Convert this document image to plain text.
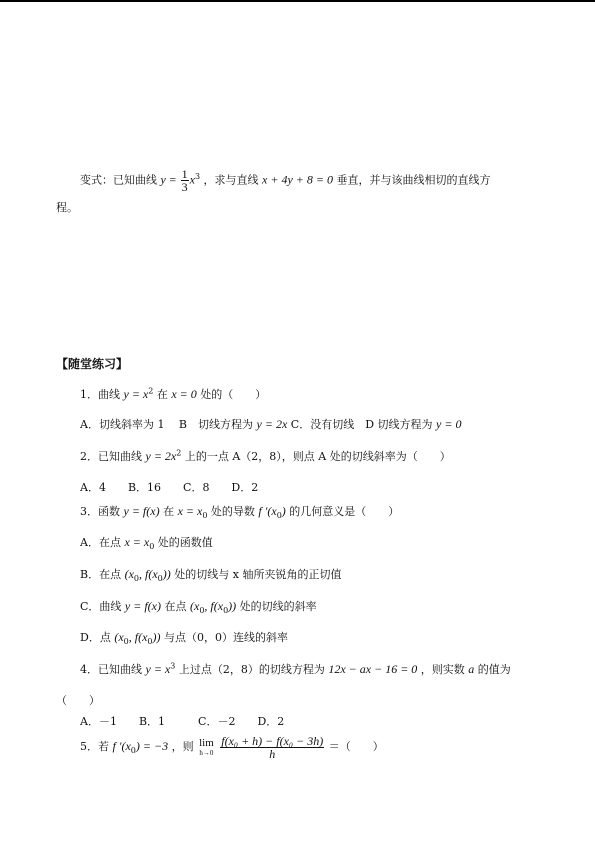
变式：已知曲线 $y = \frac{1}{3} x^3$ ，求与直线 x + 4y + 8 = 0 垂直，并与该曲线相切的直线方
程。
【随堂练习】
1．曲线 $y = x^2$ 在 x = 0 处的（　　）
A．切线斜率为 1　 B　切线方程为 y = 2x C．没有切线　D 切线方程为 y = 0
2．已知曲线 $y = 2x^2$ 上的一点 A（2，8），则点 A 处的切线斜率为（　　）
A．4　　B．16　　C．8　　D．2
3．函数 y = f(x) 在 $x = x_0$ 处的导数 f $'(x_0)$ 的几何意义是（　　）
A．在点 $x = x_0$ 处的函数值
B．在点 ($x_0$, $f(x_0)$) 处的切线与 x 轴所夹锐角的正切值
C．曲线 y = f(x) 在点 ($x_0$, $f(x_0)$) 处的切线的斜率
D．点 ($x_0$, $f(x_0)$) 与点（0，0）连线的斜率
4．已知曲线 $y = x^3$ 上过点（2，8）的切线方程为 12x − ax − 16 = 0 ，则实数 a 的值为
（　　）
A．－1　　B．1　　　C．－2　　D．2
5．若 f $'(x_0) = -3$ ，则 lim
h→0
$\frac{\text{f(x₀ + h) − f(x₀ − 3h)}}{h}$ ＝（　　）
